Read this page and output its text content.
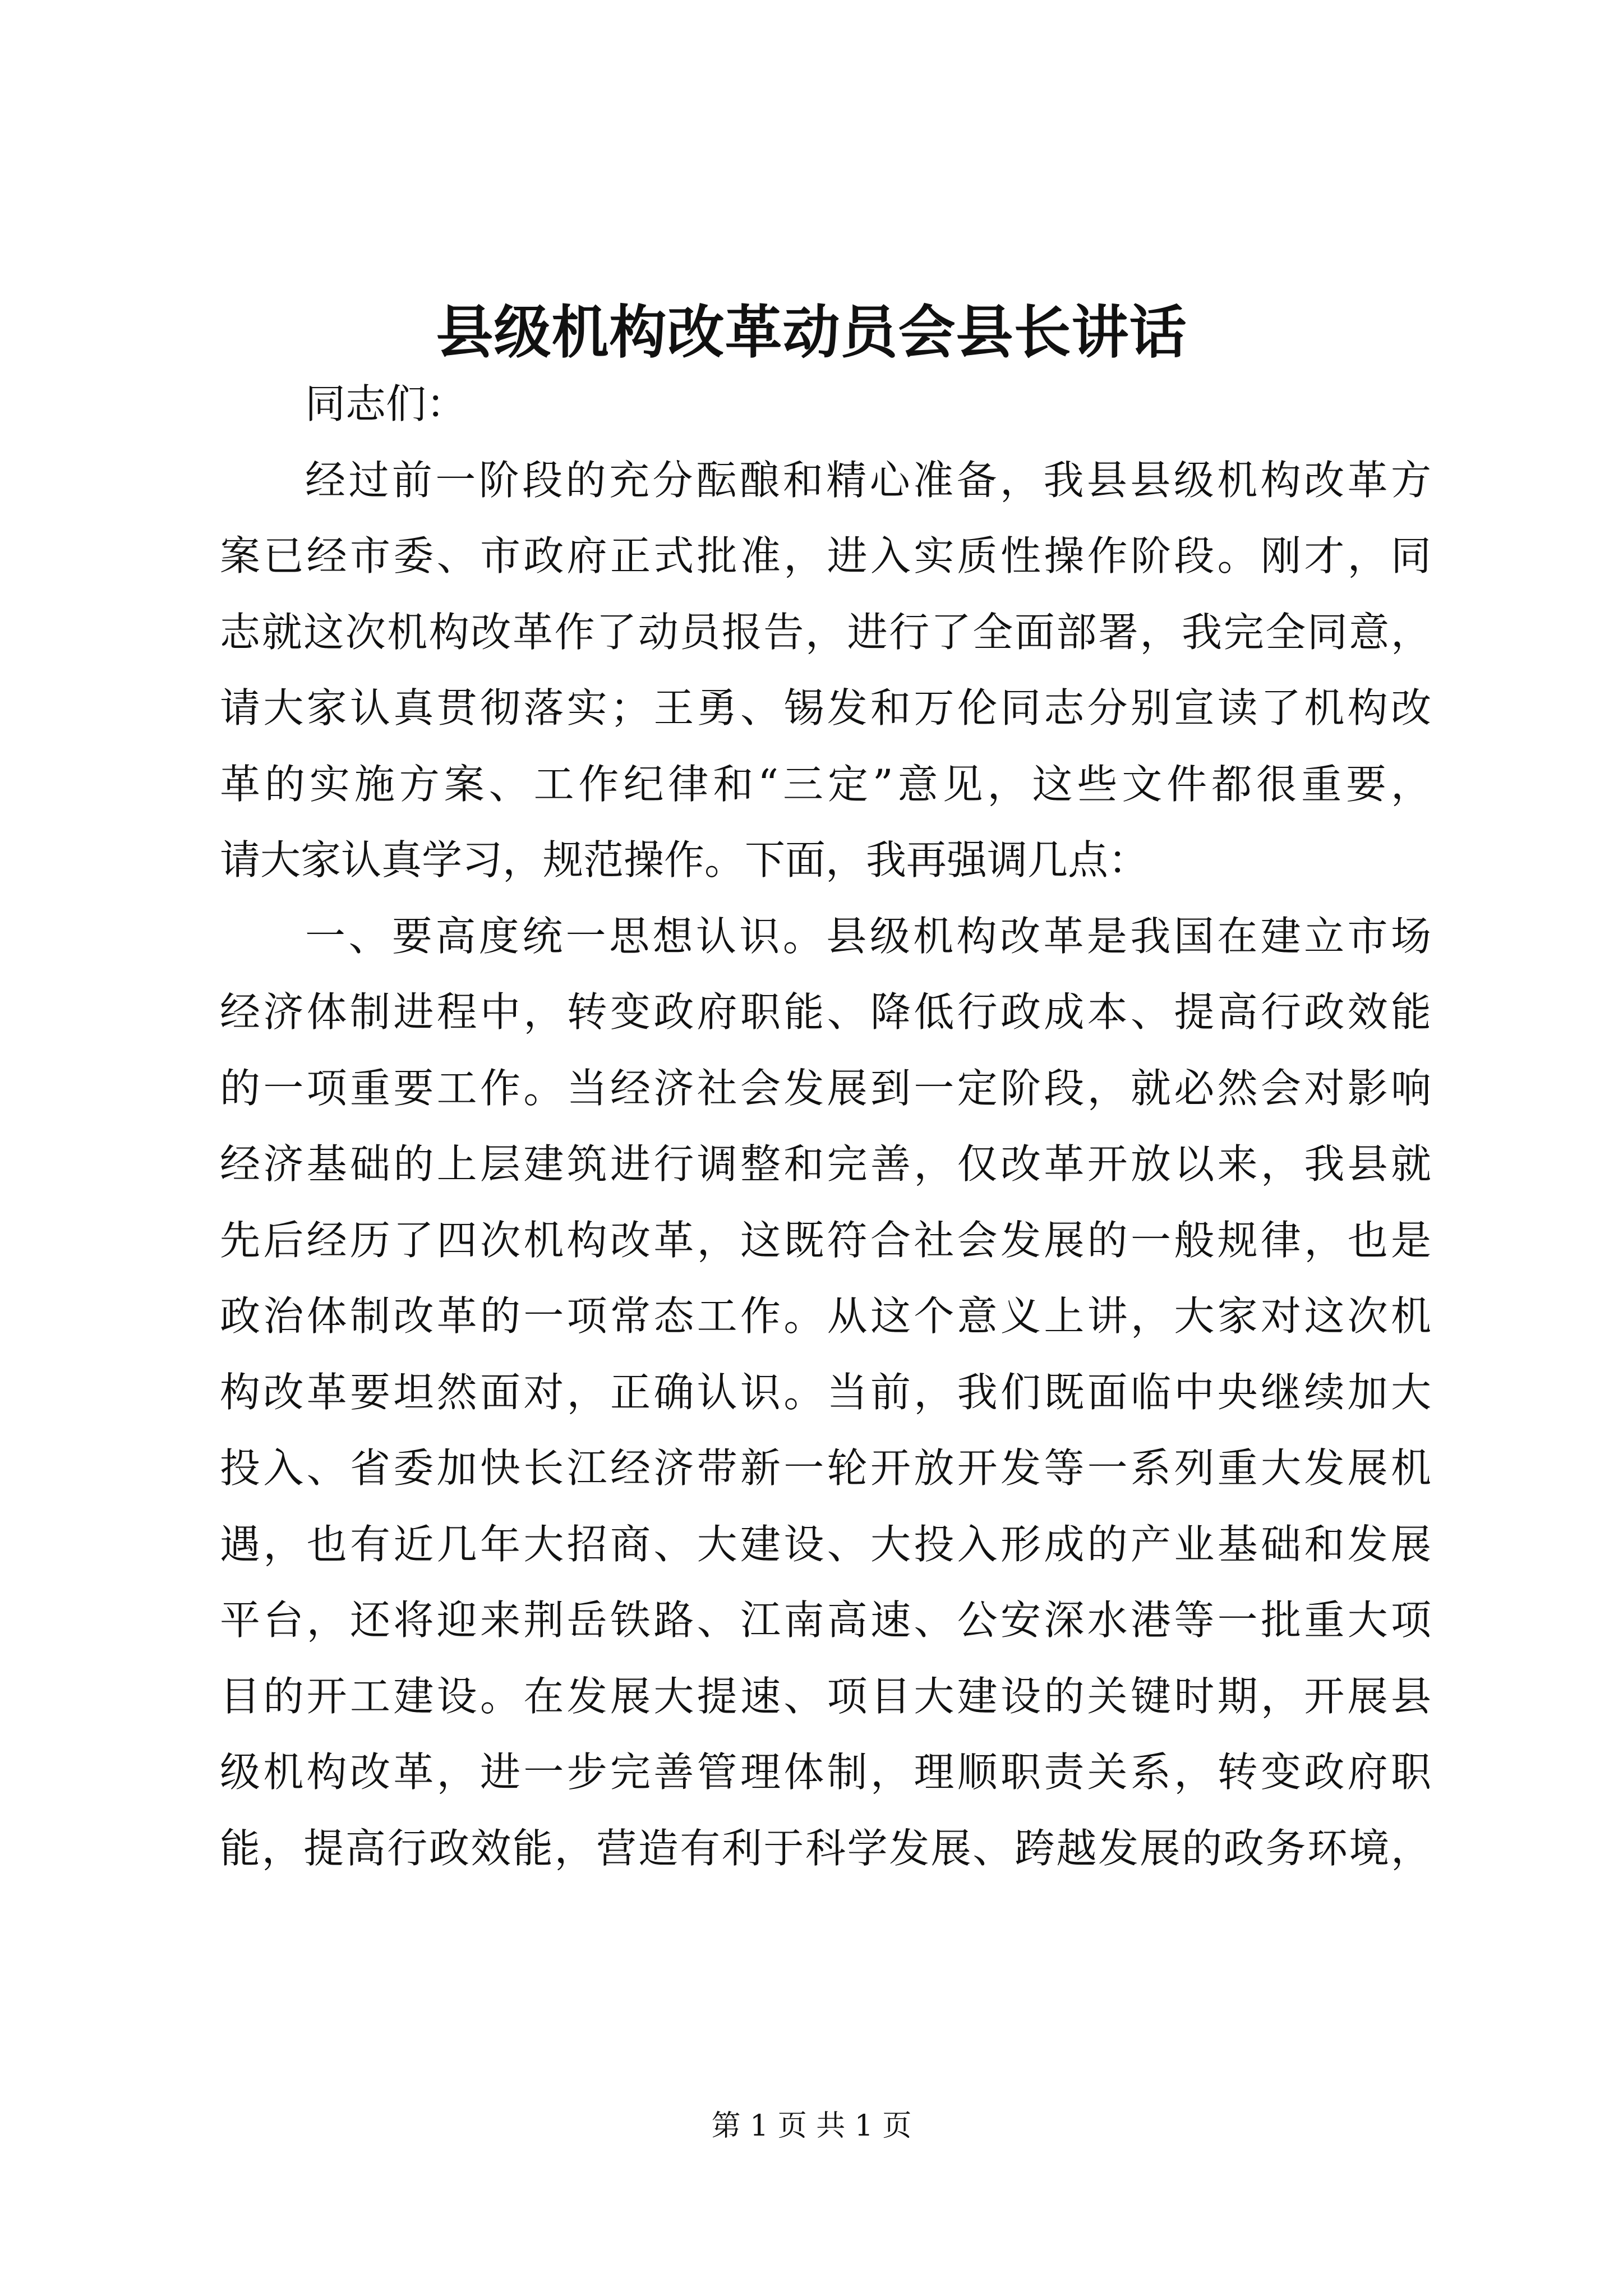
县级机构改革动员会县长讲话
同志们：
经过前一阶段的充分酝酿和精心准备，我县县级机构改革方
案已经市委、市政府正式批准，进入实质性操作阶段。刚才，同
志就这次机构改革作了动员报告，进行了全面部署，我完全同意，
请大家认真贯彻落实；王勇、锡发和万伦同志分别宣读了机构改
革的实施方案、工作纪律和“三定”意见，这些文件都很重要，
请大家认真学习，规范操作。下面，我再强调几点：
一、要高度统一思想认识。县级机构改革是我国在建立市场
经济体制进程中，转变政府职能、降低行政成本、提高行政效能
的一项重要工作。当经济社会发展到一定阶段，就必然会对影响
经济基础的上层建筑进行调整和完善，仅改革开放以来，我县就
先后经历了四次机构改革，这既符合社会发展的一般规律，也是
政治体制改革的一项常态工作。从这个意义上讲，大家对这次机
构改革要坦然面对，正确认识。当前，我们既面临中央继续加大
投入、省委加快长江经济带新一轮开放开发等一系列重大发展机
遇，也有近几年大招商、大建设、大投入形成的产业基础和发展
平台，还将迎来荆岳铁路、江南高速、公安深水港等一批重大项
目的开工建设。在发展大提速、项目大建设的关键时期，开展县
级机构改革，进一步完善管理体制，理顺职责关系，转变政府职
能，提高行政效能，营造有利于科学发展、跨越发展的政务环境，
第 1 页 共 1 页
